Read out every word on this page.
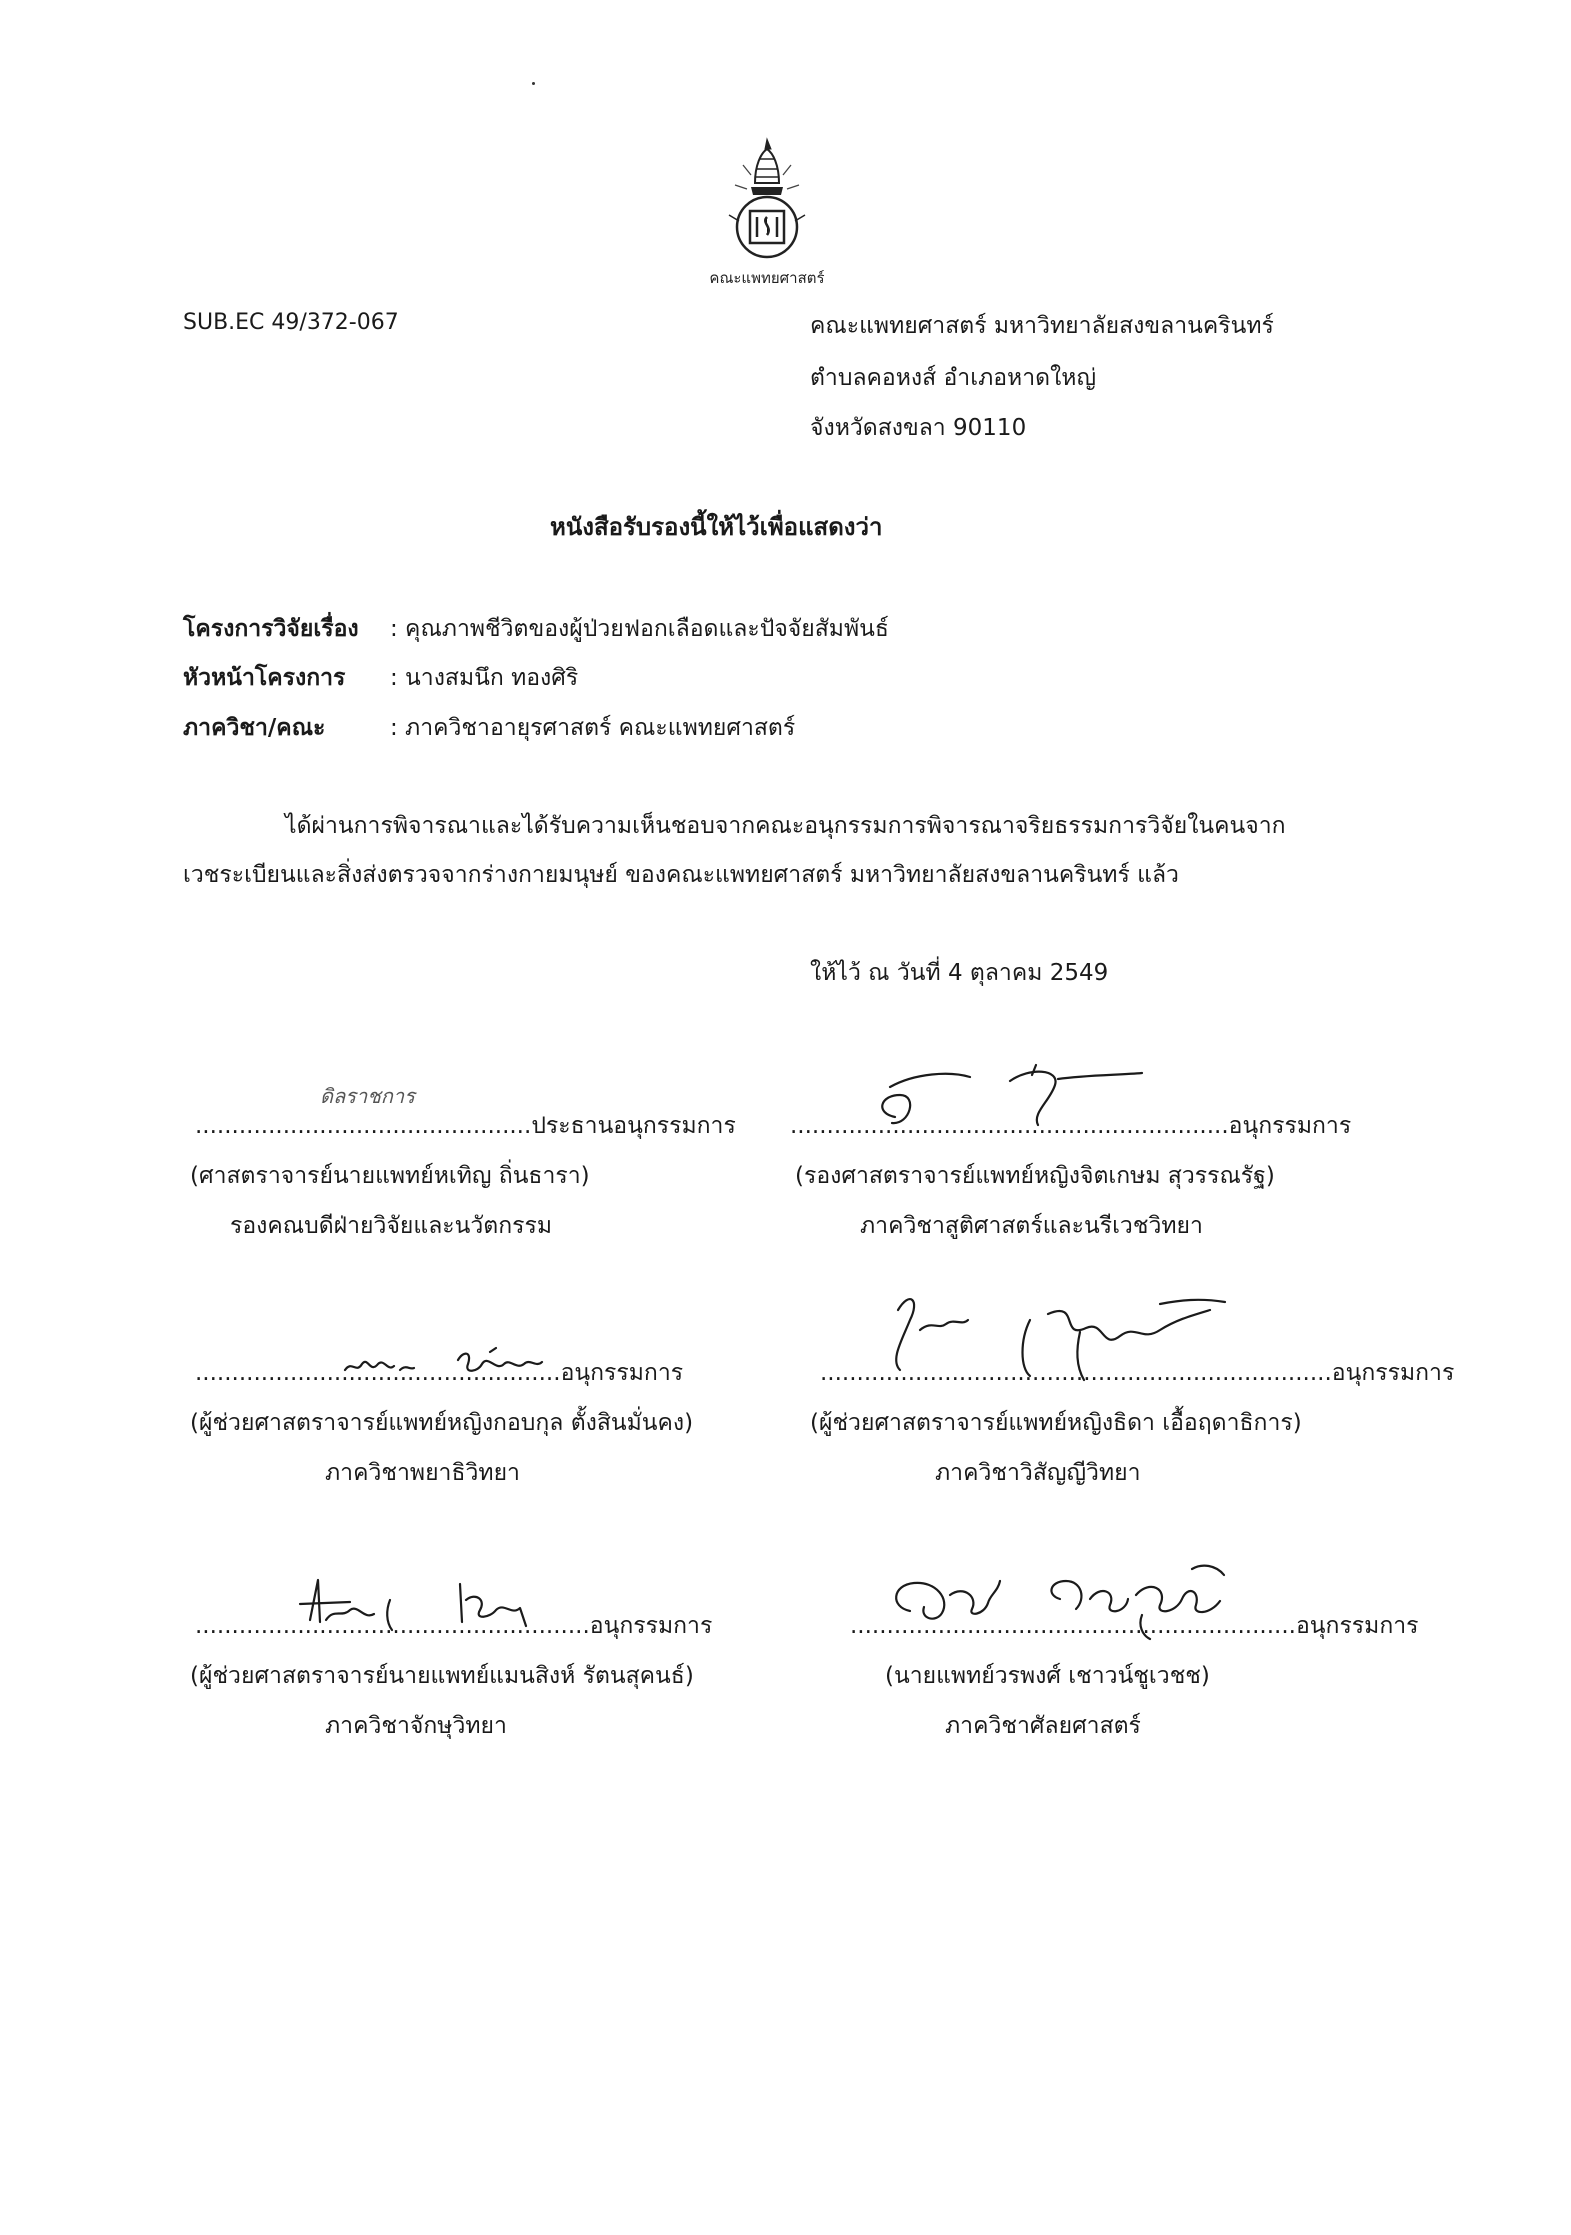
คณะแพทยศาสตร์
SUB.EC 49/372-067	คณะแพทยศาสตร์ มหาวิทยาลัยสงขลานครินทร์
ตำบลคอหงส์ อำเภอหาดใหญ่
จังหวัดสงขลา 90110
หนังสือรับรองนี้ให้ไว้เพื่อแสดงว่า
โครงการวิจัยเรื่อง : คุณภาพชีวิตของผู้ป่วยฟอกเลือดและปัจจัยสัมพันธ์
หัวหน้าโครงการ : นางสมนึก ทองศิริ
ภาควิชา/คณะ	: ภาควิชาอายุรศาสตร์ คณะแพทยศาสตร์
ได้ผ่านการพิจารณาและได้รับความเห็นชอบจากคณะอนุกรรมการพิจารณาจริยธรรมการวิจัยในคนจาก
เวชระเบียนและสิ่งส่งตรวจจากร่างกายมนุษย์ ของคณะแพทยศาสตร์ มหาวิทยาลัยสงขลานครินทร์ แล้ว
ให้ไว้ ณ วันที่ 4 ตุลาคม 2549
ดิลราชการ
..............................................ประธานอนุกรรมการ
(ศาสตราจารย์นายแพทย์หเทิญ ถิ่นธารา)
รองคณบดีฝ่ายวิจัยและนวัตกรรม
............................................................อนุกรรมการ
(รองศาสตราจารย์แพทย์หญิงจิตเกษม สุวรรณรัฐ)
ภาควิชาสูติศาสตร์และนรีเวชวิทยา
..................................................อนุกรรมการ
(ผู้ช่วยศาสตราจารย์แพทย์หญิงกอบกุล ตั้งสินมั่นคง)
ภาควิชาพยาธิวิทยา
......................................................................อนุกรรมการ
(ผู้ช่วยศาสตราจารย์แพทย์หญิงธิดา เอื้อฤดาธิการ)
ภาควิชาวิสัญญีวิทยา
......................................................อนุกรรมการ
(ผู้ช่วยศาสตราจารย์นายแพทย์แมนสิงห์ รัตนสุคนธ์)
ภาควิชาจักษุวิทยา
.............................................................อนุกรรมการ
(นายแพทย์วรพงศ์ เชาวน์ชูเวชช)
ภาควิชาศัลยศาสตร์
